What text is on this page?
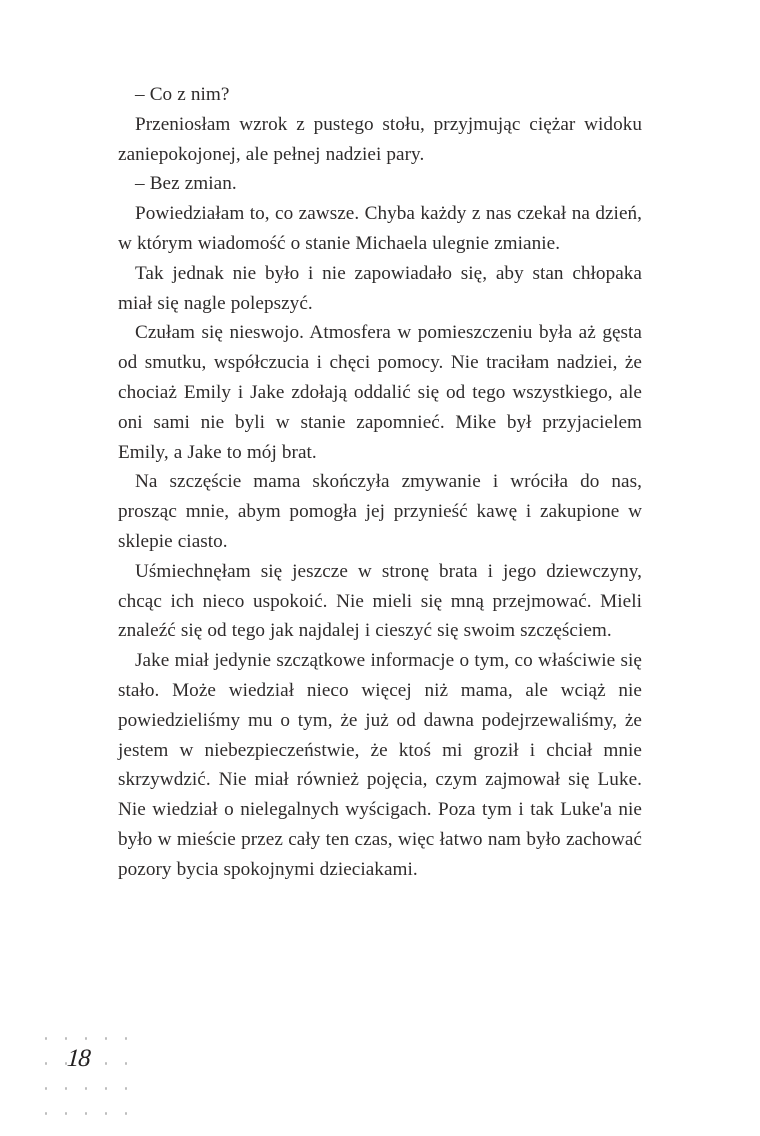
– Co z nim?

Przeniosłam wzrok z pustego stołu, przyjmując ciężar widoku zaniepokojonej, ale pełnej nadziei pary.

– Bez zmian.

Powiedziałam to, co zawsze. Chyba każdy z nas czekał na dzień, w którym wiadomość o stanie Michaela ulegnie zmianie.

Tak jednak nie było i nie zapowiadało się, aby stan chłopaka miał się nagle polepszyć.

Czułam się nieswojo. Atmosfera w pomieszczeniu była aż gęsta od smutku, współczucia i chęci pomocy. Nie traciłam nadziei, że chociaż Emily i Jake zdołają oddalić się od tego wszystkiego, ale oni sami nie byli w stanie zapomnieć. Mike był przyjacielem Emily, a Jake to mój brat.

Na szczęście mama skończyła zmywanie i wróciła do nas, prosząc mnie, abym pomogła jej przynieść kawę i zakupione w sklepie ciasto.

Uśmiechnęłam się jeszcze w stronę brata i jego dziewczyny, chcąc ich nieco uspokoić. Nie mieli się mną przejmować. Mieli znaleźć się od tego jak najdalej i cieszyć się swoim szczęściem.

Jake miał jedynie szczątkowe informacje o tym, co właściwie się stało. Może wiedział nieco więcej niż mama, ale wciąż nie powiedzieliśmy mu o tym, że już od dawna podejrzewaliśmy, że jestem w niebezpieczeństwie, że ktoś mi groził i chciał mnie skrzywdzić. Nie miał również pojęcia, czym zajmował się Luke. Nie wiedział o nielegalnych wyścigach. Poza tym i tak Luke'a nie było w mieście przez cały ten czas, więc łatwo nam było zachować pozory bycia spokojnymi dzieciakami.

18
